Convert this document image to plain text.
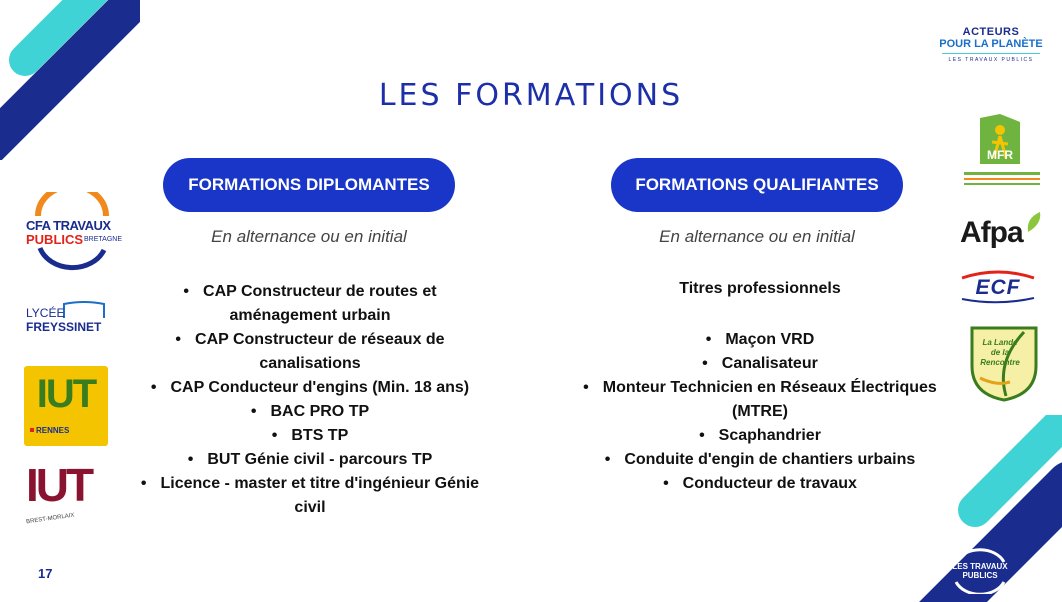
LES FORMATIONS
FORMATIONS DIPLOMANTES
En alternance ou en initial
• CAP Constructeur de routes et aménagement urbain
• CAP Constructeur de réseaux de canalisations
• CAP Conducteur d'engins (Min. 18 ans)
• BAC PRO TP
• BTS TP
• BUT Génie civil - parcours TP
• Licence - master et titre d'ingénieur Génie civil
FORMATIONS QUALIFIANTES
En alternance ou en initial
Titres professionnels
• Maçon VRD
• Canalisateur
• Monteur Technicien en Réseaux Électriques (MTRE)
• Scaphandrier
• Conduite d'engin de chantiers urbains
• Conducteur de travaux
17
ACTEURS
POUR LA PLANÈTE
LES TRAVAUX PUBLICS
CFA TRAVAUX
PUBLICS BRETAGNE
LYCÉE
FREYSSINET
IUT
RENNES
IUT
BREST-MORLAIX
MFR
Afpa
ECF
La Lande de la Rencontre
LES TRAVAUX
PUBLICS
